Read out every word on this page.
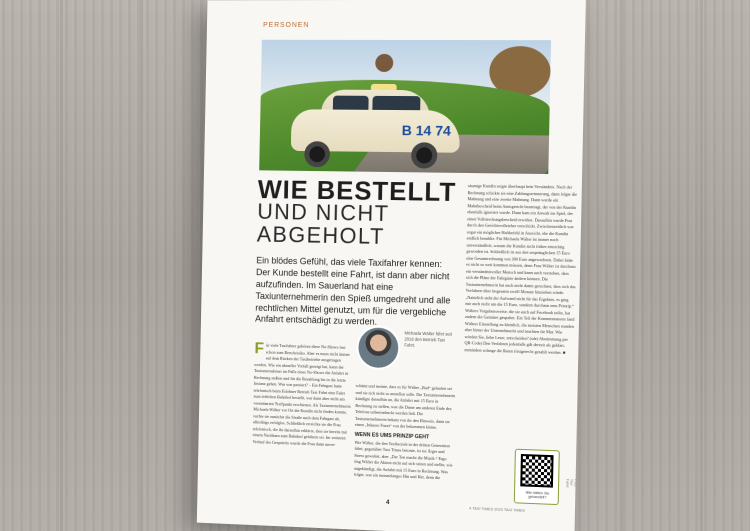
PERSONEN
B 14 74
WIE BESTELLT
UND NICHT
ABGEHOLT
Ein blödes Gefühl, das viele Taxifahrer kennen: Der Kunde bestellt eine Fahrt, ist dann aber nicht aufzufinden. Im Sauerland hat eine Taxiunternehmerin den Spieß umgedreht und alle rechtlichen Mittel genutzt, um für die vergebliche Anfahrt entschädigt zu werden.
Für viele Taxifahrer gehören diese No-Shows fast schon zum Berufsrisiko. Aber es muss nicht immer auf dem Rücken der Taxibetriebe ausgetragen werden. Wie ein aktueller Vorfall gezeigt hat, kann der Taxiunternehmer im Falle eines No-Shows die Anfahrt in Rechnung stellen und für die Bezahlung bis in die letzte Instanz gehen. Was war passiert? – Ein Fahrgast hatte telefonisch beim Eslohner Betrieb Taxi Fahrt eine Fahrt zum örtlichen Bahnhof bestellt, war dann aber nicht am vereinbarten Treffpunkt erschienen. Als Taxiunternehmerin Michaela Wälter vor Ort die Kundin nicht finden konnte, suchte sie zunächst die Straße nach dem Fahrgast ab, allerdings erfolglos. Schließlich erreichte sie die Frau telefonisch, die ihr daraufhin erklärte, dass sie bereits mit einem Nachbarn zum Bahnhof gefahren sei. Im weiteren Verlauf des Gesprächs wurde die Frau dann unver-
Michaela Wälter führt seit 2016 den Betrieb Taxi Fahrt.
schämt und meinte, dass es für Wälter „Bad“ gelaufen sei und sie sich nicht so anstellen solle. Die Taxiunternehmerin kündigte daraufhin an, die Anfahrt mit 15 Euro in Rechnung zu stellen, was die Dame am anderen Ende des Telefons unbeeindruckt werden ließ. Die Taxiunternehmerin bekam von ihr den Hinweis, dann sie einen „Inkasso Fuzzi“ von der bekommen könne.
WENN ES UMS PRINZIP GEHT
Wie Wälter, die den Taxibetrieb in der dritten Generation führt, gegenüber Taxi Times betonte, ist sie Ärger und Stress gewohnt, aber „Der Ton macht die Musik.“ Ergo fing Wälter die Aktion nicht auf sich sitzen und stellte, wie angekündigt, die Anfahrt mit 15 Euro in Rechnung. Was folgte, war ein monatelanges Hin und Her, denn die
säumige Kundin zeigte überhaupt kein Verständnis. Nach der Rechnung schickte sie eine Zahlungserinnerung, dann folgte die Mahnung und eine zweite Mahnung. Dann wurde ein Mahnbescheid beim Amtsgericht beantragt, der von der Kundin ebenfalls ignoriert wurde. Dann kam ein Anwalt ins Spiel, der einen Vollstreckungsbescheid erwirkte. Daraufhin wurde Post durch den Gerichtsvollzieher verschickt. Zwischenzeitlich war sogar ein möglicher Haftbefehl in Aussicht, ehe die Kundin endlich bezahlte. Für Michaela Wälter ist immer noch unverständlich, warum die Kundin nicht früher einsichtig geworden ist. Schließlich ist aus den ursprünglichen 15 Euro eine Gesamtrechnung von 300 Euro angewachsen. Dabei hätte es nicht so weit kommen müssen, denn Frau Wälter ist durchaus ein verständnisvoller Mensch und kann auch verstehen, dass sich die Pläne der Fahrgäste ändern können. Die Taxiunternehmerin hat auch nicht damit gerechnet, dass sich das Verfahren über insgesamt zwölf Monate hinziehen würde. „Natürlich steht der Aufwand nicht für das Ergebnis, es ging mir auch nicht um die 15 Euro, sondern durchaus ums Prinzip.“ Wälters Vorgehensweise, die sie auch auf Facebook teilte, hat zudem die Gemüter gespaltet. Ein Teil der Kommentatoren fand Wälters Einstellung zu kleinlich, die meisten Menschen standen aber hinter der Unternehmerin und machten ihr Mut. Wie würden Sie, liebe Leser, entscheiden? (sde) Abstimmung per QR-Code) Den Verfahren jedenfalls gilt derzeit als geklärt, zumindest solange die Raten fristgerecht gezahlt werden. ■
Wie hätten Sie gehandelt?
Foto: Taxi Fahrt
4
4 TAXI TIMES 2023 TAXI TIMES
